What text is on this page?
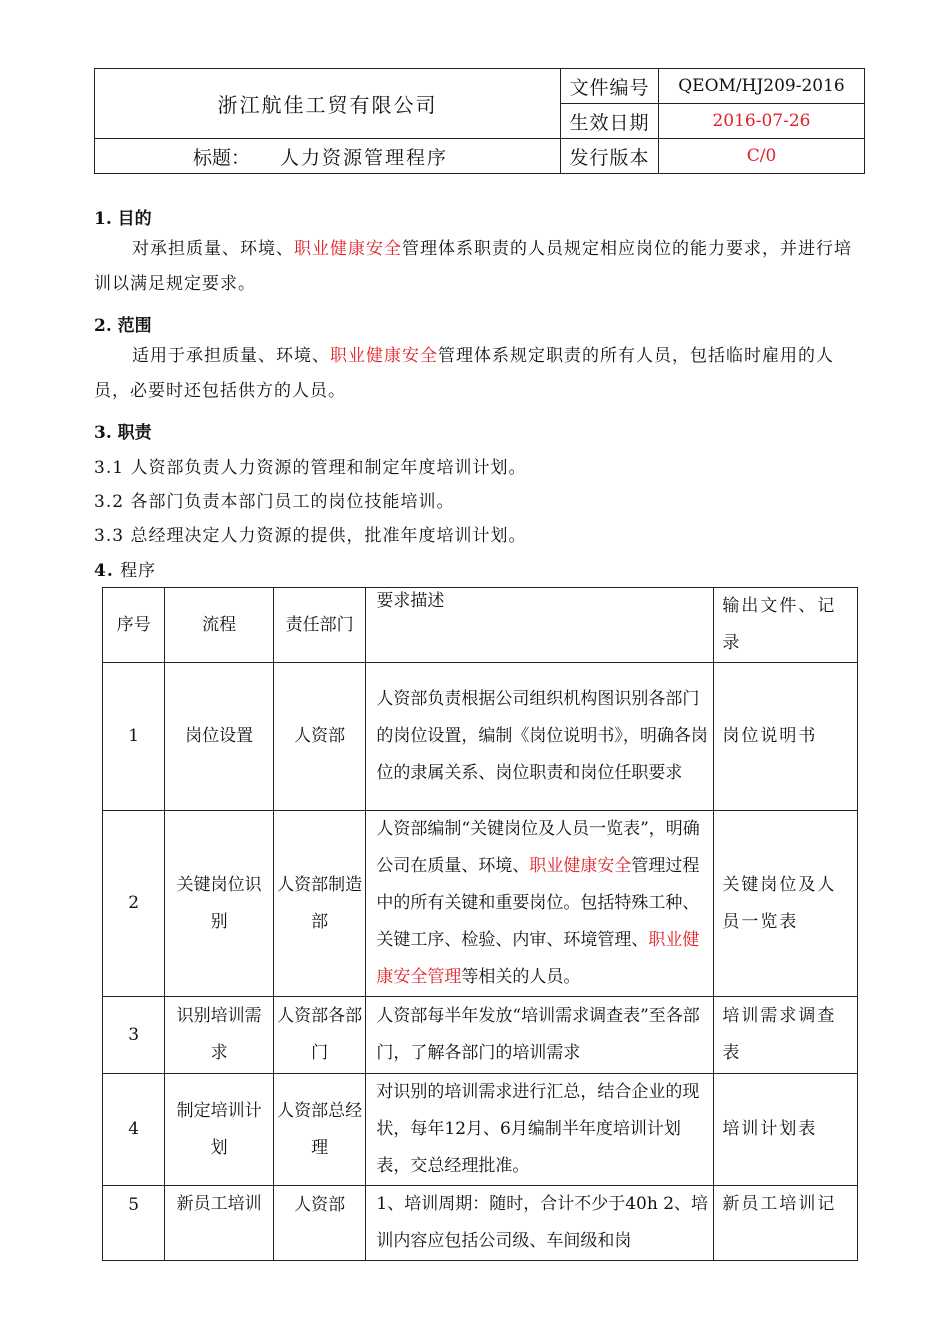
浙江航佳工贸有限公司	文件编号	QEOM/HJ209-2016
	生效日期	2016-07-26
标题： 人力资源管理程序	发行版本	C/0
1. 目的
对承担质量、环境、职业健康安全管理体系职责的人员规定相应岗位的能力要求，并进行培训以满足规定要求。
2. 范围
适用于承担质量、环境、职业健康安全管理体系规定职责的所有人员，包括临时雇用的人员，必要时还包括供方的人员。
3. 职责
3.1 人资部负责人力资源的管理和制定年度培训计划。
3.2 各部门负责本部门员工的岗位技能培训。
3.3 总经理决定人力资源的提供，批准年度培训计划。
4. 程序
序号	流程	责任部门	要求描述	输出文件、记录
1	岗位设置	人资部	人资部负责根据公司组织机构图识别各部门的岗位设置，编制《岗位说明书》，明确各岗位的隶属关系、岗位职责和岗位任职要求	岗位说明书
2	关键岗位识别	人资部制造部	人资部编制“关键岗位及人员一览表”，明确公司在质量、环境、职业健康安全管理过程中的所有关键和重要岗位。包括特殊工种、关键工序、检验、内审、环境管理、职业健康安全管理等相关的人员。	关键岗位及人员一览表
3	识别培训需求	人资部各部门	人资部每半年发放“培训需求调查表”至各部门，了解各部门的培训需求	培训需求调查表
4	制定培训计划	人资部总经理	对识别的培训需求进行汇总，结合企业的现状，每年12月、6月编制半年度培训计划表，交总经理批准。	培训计划表
5	新员工培训	人资部	1、培训周期：随时，合计不少于40h 2、培训内容应包括公司级、车间级和岗	新员工培训记
